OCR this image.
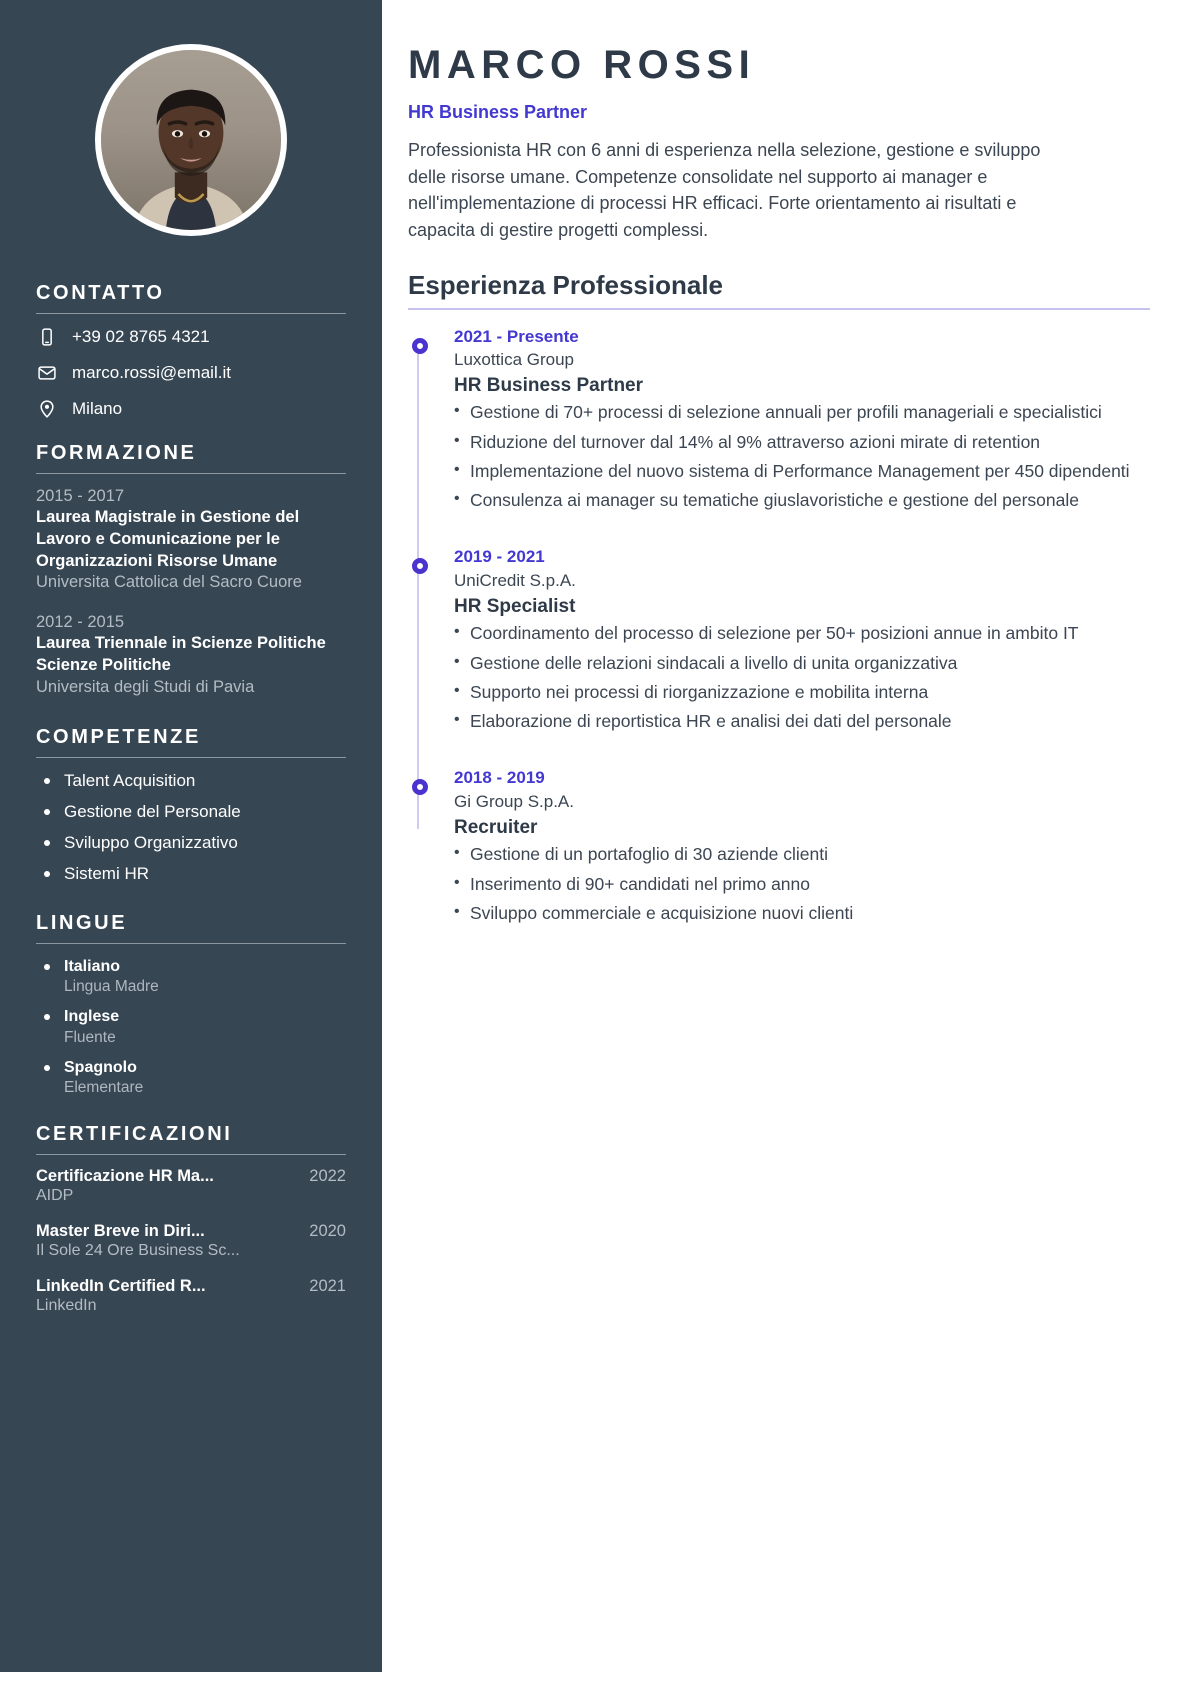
CONTATTO
+39 02 8765 4321
marco.rossi@email.it
Milano
FORMAZIONE
2015 - 2017
Laurea Magistrale in Gestione del Lavoro e Comunicazione per le Organizzazioni Risorse Umane
Universita Cattolica del Sacro Cuore
2012 - 2015
Laurea Triennale in Scienze Politiche Scienze Politiche
Universita degli Studi di Pavia
COMPETENZE
Talent Acquisition
Gestione del Personale
Sviluppo Organizzativo
Sistemi HR
LINGUE
Italiano
Lingua Madre
Inglese
Fluente
Spagnolo
Elementare
CERTIFICAZIONI
Certificazione HR Ma...	2022
AIDP
Master Breve in Diri...	2020
Il Sole 24 Ore Business Sc...
LinkedIn Certified R...	2021
LinkedIn
MARCO ROSSI
HR Business Partner

Professionista HR con 6 anni di esperienza nella selezione, gestione e sviluppo delle risorse umane. Competenze consolidate nel supporto ai manager e nell'implementazione di processi HR efficaci. Forte orientamento ai risultati e capacita di gestire progetti complessi.

Esperienza Professionale
2021 - Presente
Luxottica Group
HR Business Partner
• Gestione di 70+ processi di selezione annuali per profili manageriali e specialistici
• Riduzione del turnover dal 14% al 9% attraverso azioni mirate di retention
• Implementazione del nuovo sistema di Performance Management per 450 dipendenti
• Consulenza ai manager su tematiche giuslavoristiche e gestione del personale
2019 - 2021
UniCredit S.p.A.
HR Specialist
• Coordinamento del processo di selezione per 50+ posizioni annue in ambito IT
• Gestione delle relazioni sindacali a livello di unita organizzativa
• Supporto nei processi di riorganizzazione e mobilita interna
• Elaborazione di reportistica HR e analisi dei dati del personale
2018 - 2019
Gi Group S.p.A.
Recruiter
• Gestione di un portafoglio di 30 aziende clienti
• Inserimento di 90+ candidati nel primo anno
• Sviluppo commerciale e acquisizione nuovi clienti
